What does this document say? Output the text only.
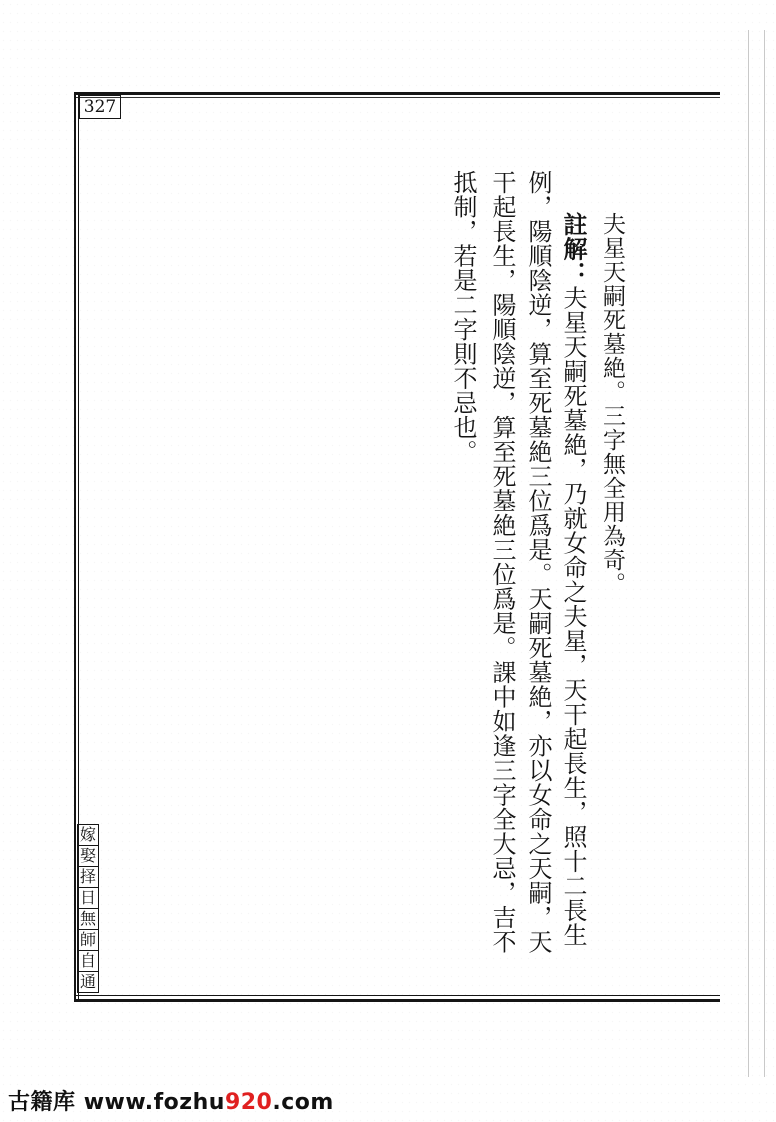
327
嫁
娶
择
日
無
師
自
通
夫星天嗣死墓絶。三字無全用為奇。
註解：夫星天嗣死墓絶，乃就女命之夫星，天干起長生，照十二長生
例，陽順陰逆，算至死墓絶三位爲是。天嗣死墓絶，亦以女命之天嗣，天
干起長生，陽順陰逆，算至死墓絶三位爲是。課中如逢三字全大忌，吉不
抵制，若是二字則不忌也。
古籍库 www.fozhu920.com
